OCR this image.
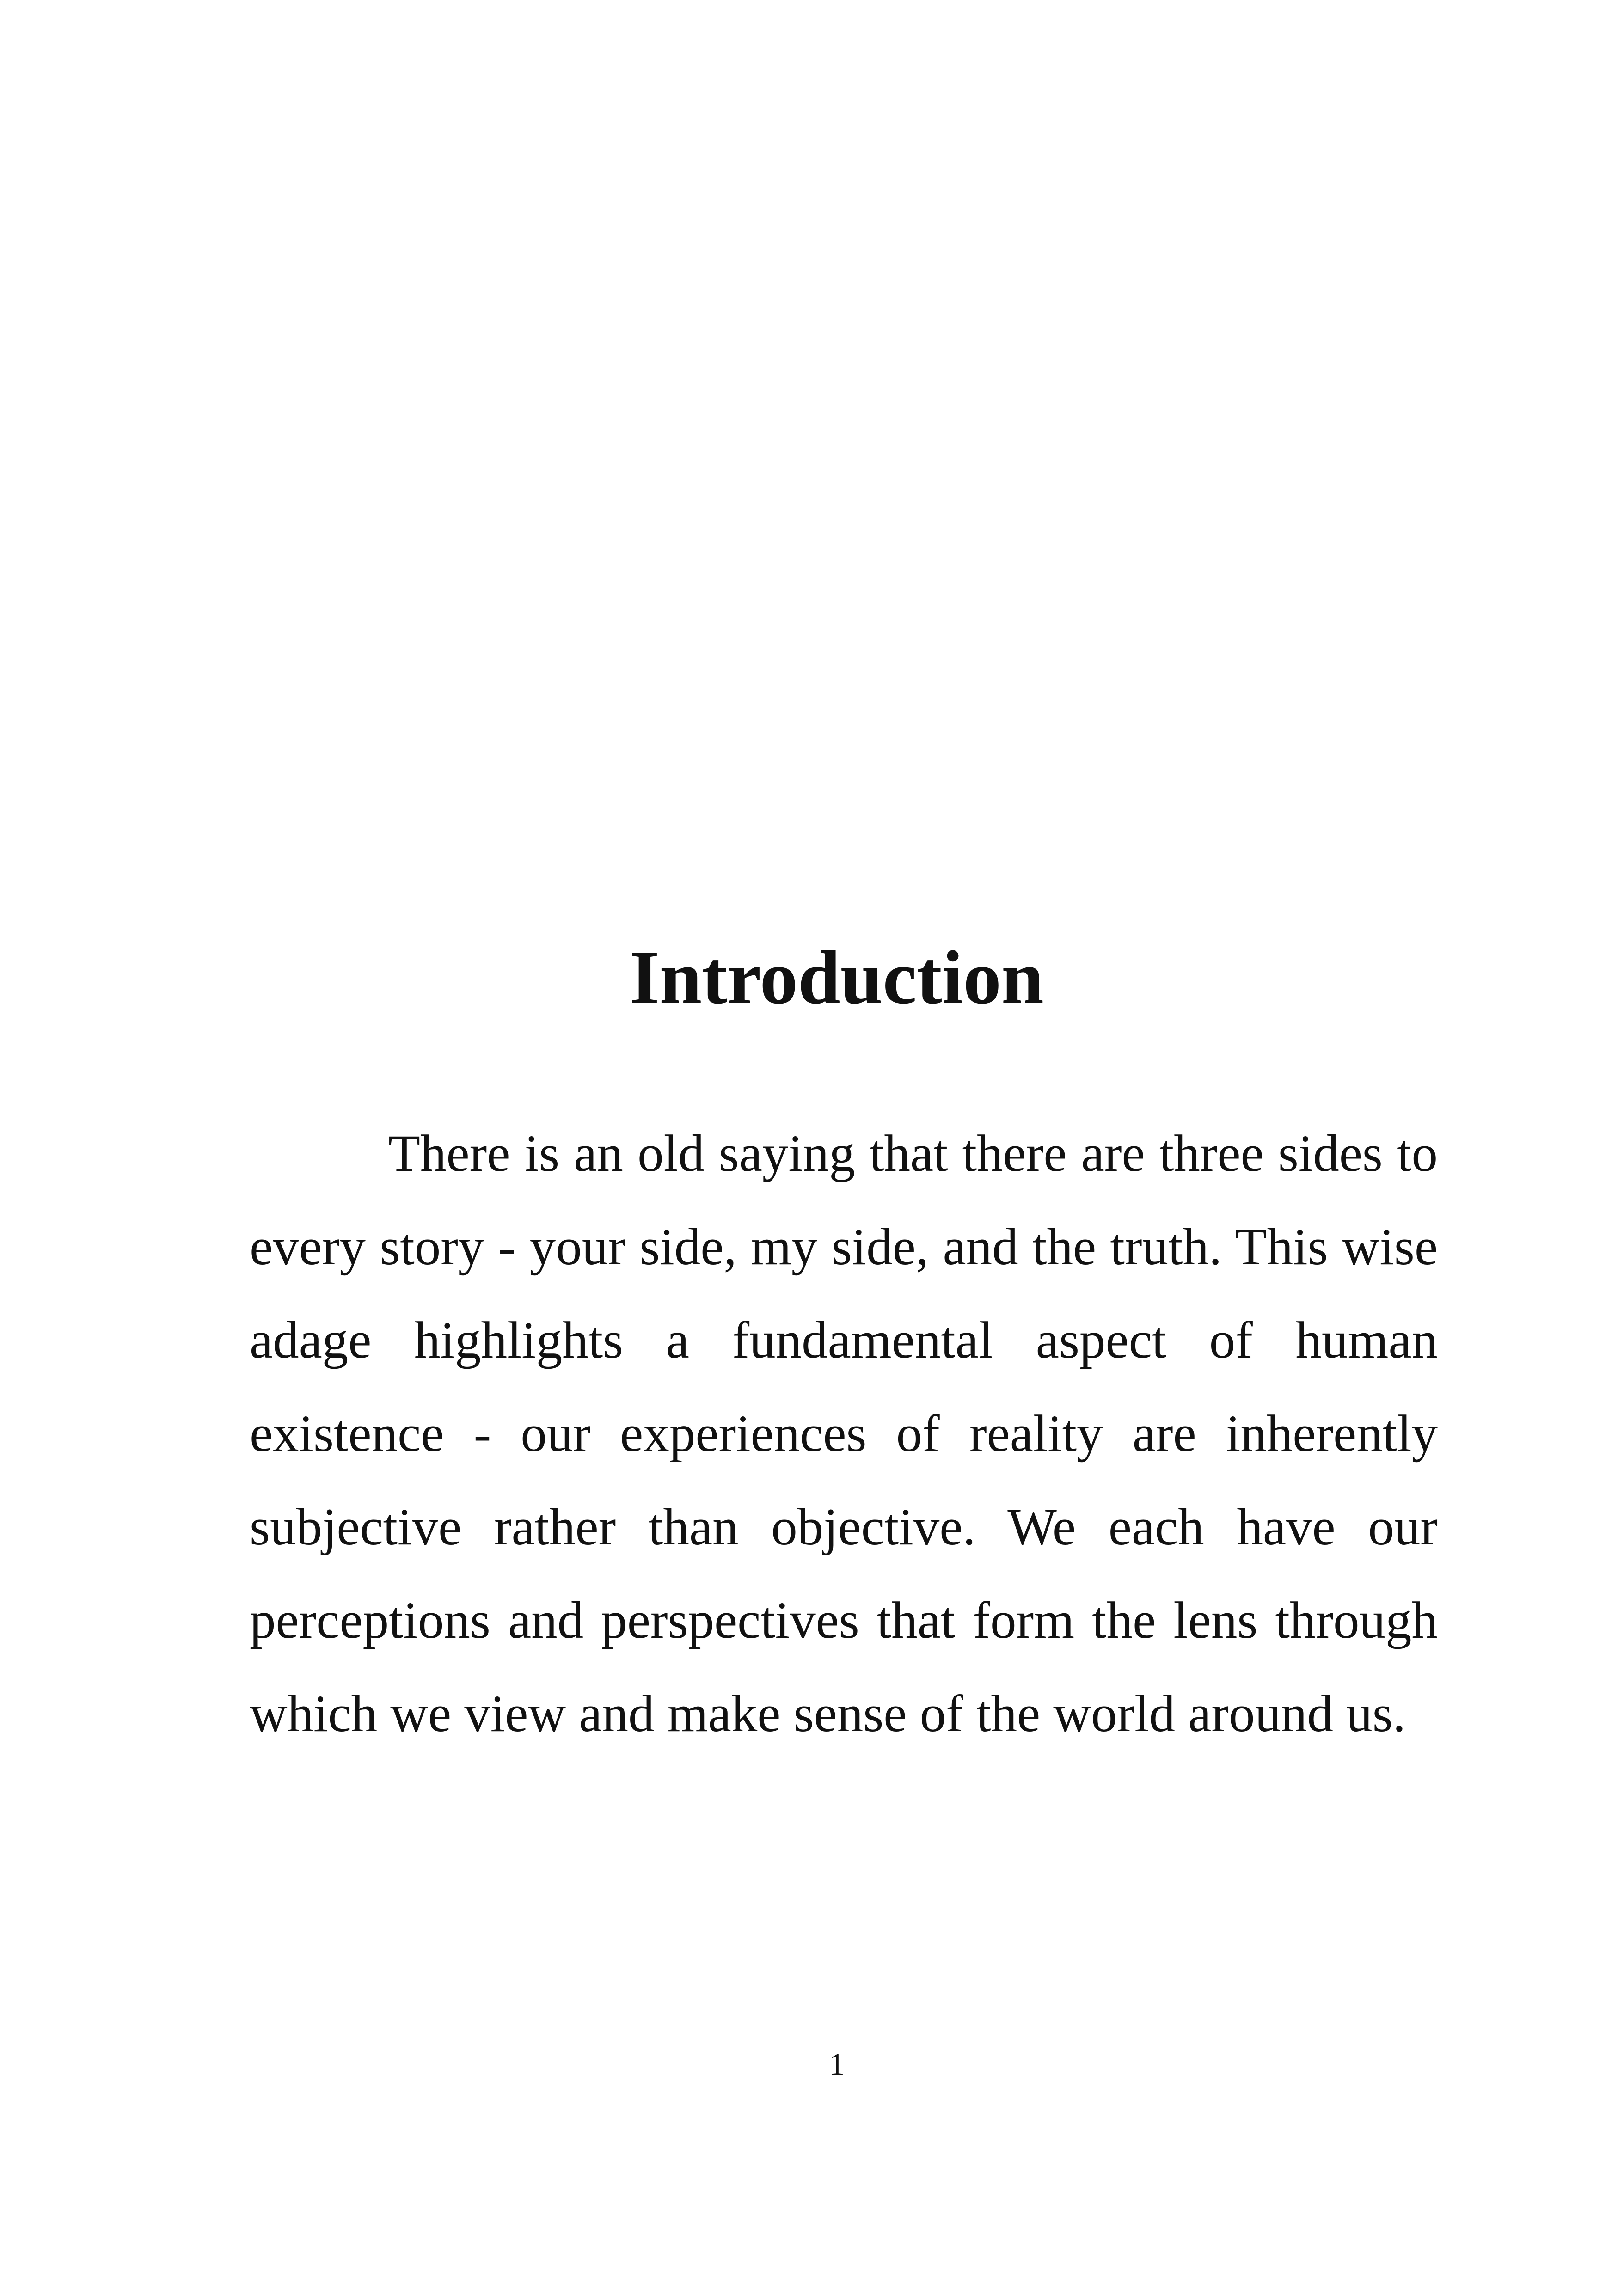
Introduction

There is an old saying that there are three sides to every story - your side, my side, and the truth. This wise adage highlights a fundamental aspect of human existence - our experiences of reality are inherently subjective rather than objective. We each have our perceptions and perspectives that form the lens through which we view and make sense of the world around us.

1
